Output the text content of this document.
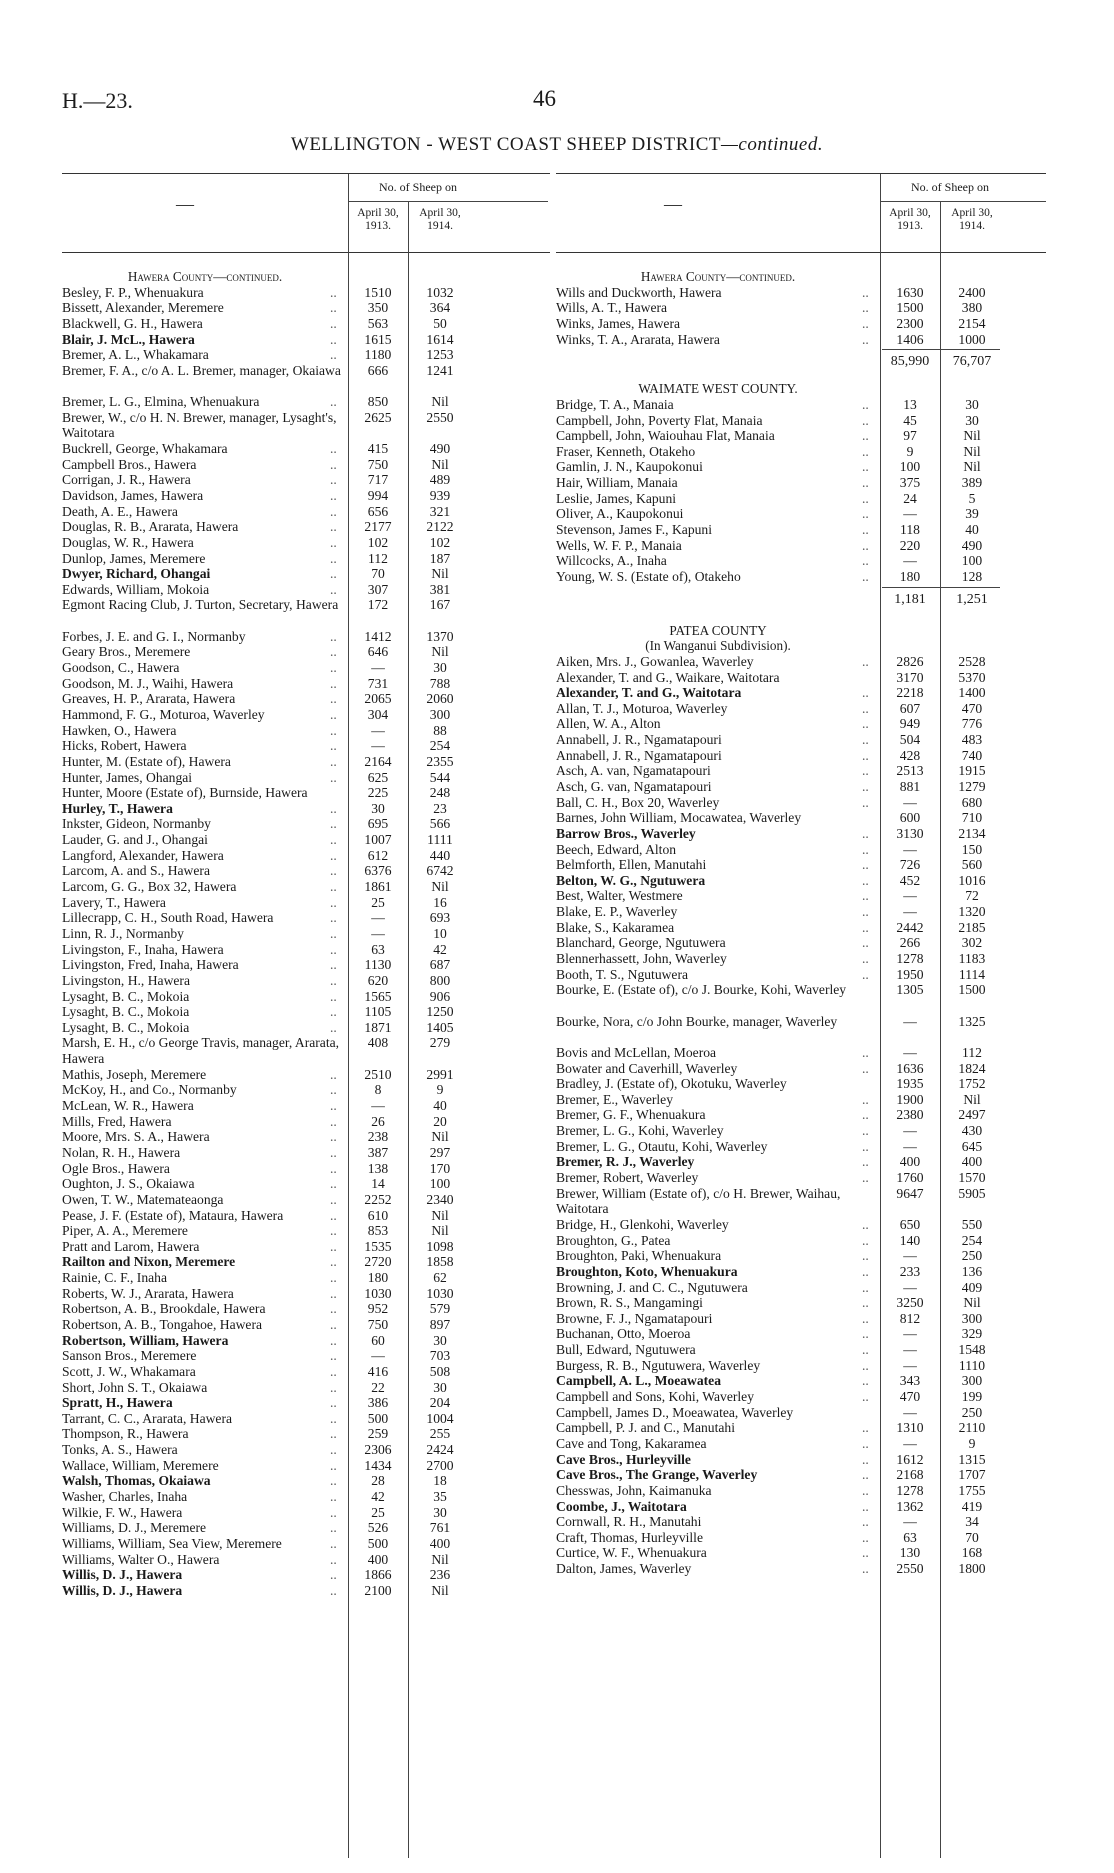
H.—23.	46
WELLINGTON - WEST COAST SHEEP DISTRICT—continued.
—
No. of Sheep on
April 30, 1913.
April 30, 1914.
Hawera County—continued.
Besley, F. P., Whenuakura	..	1510	1032
Bissett, Alexander, Meremere	..	350	364
Blackwell, G. H., Hawera	..	563	50
Blair, J. McL., Hawera	..	1615	1614
Bremer, A. L., Whakamara	..	1180	1253
Bremer, F. A., c/o A. L. Bremer, manager, Okaiawa	666	1241
Bremer, L. G., Elmina, Whenuakura	..	850	Nil
Brewer, W., c/o H. N. Brewer, manager, Lysaght's, Waitotara
2625	2550
Buckrell, George, Whakamara	..	415	490
Campbell Bros., Hawera	..	750	Nil
Corrigan, J. R., Hawera	..	717	489
Davidson, James, Hawera	..	994	939
Death, A. E., Hawera	..	656	321
Douglas, R. B., Ararata, Hawera	..	2177	2122
Douglas, W. R., Hawera	..	102	102
Dunlop, James, Meremere	..	112	187
Dwyer, Richard, Ohangai	..	70	Nil
Edwards, William, Mokoia	..	307	381
Egmont Racing Club, J. Turton, Secretary, Hawera	172	167
Forbes, J. E. and G. I., Normanby	..	1412	1370
Geary Bros., Meremere	..	646	Nil
Goodson, C., Hawera	..	—	30
Goodson, M. J., Waihi, Hawera	..	731	788
Greaves, H. P., Ararata, Hawera	..	2065	2060
Hammond, F. G., Moturoa, Waverley	..	304	300
Hawken, O., Hawera	..	—	88
Hicks, Robert, Hawera	..	—	254
Hunter, M. (Estate of), Hawera	..	2164	2355
Hunter, James, Ohangai	..	625	544
Hunter, Moore (Estate of), Burnside, Hawera	225	248
Hurley, T., Hawera	..	30	23
Inkster, Gideon, Normanby	..	695	566
Lauder, G. and J., Ohangai	..	1007	1111
Langford, Alexander, Hawera	..	612	440
Larcom, A. and S., Hawera	..	6376	6742
Larcom, G. G., Box 32, Hawera	..	1861	Nil
Lavery, T., Hawera	..	25	16
Lillecrapp, C. H., South Road, Hawera	..	—	693
Linn, R. J., Normanby	..	—	10
Livingston, F., Inaha, Hawera	..	63	42
Livingston, Fred, Inaha, Hawera	..	1130	687
Livingston, H., Hawera	..	620	800
Lysaght, B. C., Mokoia	..	1565	906
Lysaght, B. C., Mokoia	..	1105	1250
Lysaght, B. C., Mokoia	..	1871	1405
Marsh, E. H., c/o George Travis, manager, Ararata, Hawera
408	279
Mathis, Joseph, Meremere	..	2510	2991
McKoy, H., and Co., Normanby	..	8	9
McLean, W. R., Hawera	..	—	40
Mills, Fred, Hawera	..	26	20
Moore, Mrs. S. A., Hawera	..	238	Nil
Nolan, R. H., Hawera	..	387	297
Ogle Bros., Hawera	..	138	170
Oughton, J. S., Okaiawa	..	14	100
Owen, T. W., Matemateaonga	..	2252	2340
Pease, J. F. (Estate of), Mataura, Hawera	..	610	Nil
Piper, A. A., Meremere	..	853	Nil
Pratt and Larom, Hawera	..	1535	1098
Railton and Nixon, Meremere	..	2720	1858
Rainie, C. F., Inaha	..	180	62
Roberts, W. J., Ararata, Hawera	..	1030	1030
Robertson, A. B., Brookdale, Hawera	..	952	579
Robertson, A. B., Tongahoe, Hawera	..	750	897
Robertson, William, Hawera	..	60	30
Sanson Bros., Meremere	..	—	703
Scott, J. W., Whakamara	..	416	508
Short, John S. T., Okaiawa	..	22	30
Spratt, H., Hawera	..	386	204
Tarrant, C. C., Ararata, Hawera	..	500	1004
Thompson, R., Hawera	..	259	255
Tonks, A. S., Hawera	..	2306	2424
Wallace, William, Meremere	..	1434	2700
Walsh, Thomas, Okaiawa	..	28	18
Washer, Charles, Inaha	..	42	35
Wilkie, F. W., Hawera	..	25	30
Williams, D. J., Meremere	..	526	761
Williams, William, Sea View, Meremere	..	500	400
Williams, Walter O., Hawera	..	400	Nil
Willis, D. J., Hawera	..	1866	236
Willis, D. J., Hawera	..	2100	Nil
—
No. of Sheep on
April 30, 1913.
April 30, 1914.
Hawera County—continued.
Wills and Duckworth, Hawera	..	1630	2400
Wills, A. T., Hawera	..	1500	380
Winks, James, Hawera	..	2300	2154
Winks, T. A., Ararata, Hawera	..	1406	1000
85,990	76,707
WAIMATE WEST COUNTY.
Bridge, T. A., Manaia	..	13	30
Campbell, John, Poverty Flat, Manaia	..	45	30
Campbell, John, Waiouhau Flat, Manaia	..	97	Nil
Fraser, Kenneth, Otakeho	..	9	Nil
Gamlin, J. N., Kaupokonui	..	100	Nil
Hair, William, Manaia	..	375	389
Leslie, James, Kapuni	..	24	5
Oliver, A., Kaupokonui	..	—	39
Stevenson, James F., Kapuni	..	118	40
Wells, W. F. P., Manaia	..	220	490
Willcocks, A., Inaha	..	—	100
Young, W. S. (Estate of), Otakeho	..	180	128
1,181	1,251
PATEA COUNTY
(In Wanganui Subdivision).
Aiken, Mrs. J., Gowanlea, Waverley	..	2826	2528
Alexander, T. and G., Waikare, Waitotara	3170	5370
Alexander, T. and G., Waitotara	..	2218	1400
Allan, T. J., Moturoa, Waverley	..	607	470
Allen, W. A., Alton	..	949	776
Annabell, J. R., Ngamatapouri	..	504	483
Annabell, J. R., Ngamatapouri	..	428	740
Asch, A. van, Ngamatapouri	..	2513	1915
Asch, G. van, Ngamatapouri	..	881	1279
Ball, C. H., Box 20, Waverley	..	—	680
Barnes, John William, Mocawatea, Waverley	600	710
Barrow Bros., Waverley	..	3130	2134
Beech, Edward, Alton	..	—	150
Belmforth, Ellen, Manutahi	..	726	560
Belton, W. G., Ngutuwera	..	452	1016
Best, Walter, Westmere	..	—	72
Blake, E. P., Waverley	..	—	1320
Blake, S., Kakaramea	..	2442	2185
Blanchard, George, Ngutuwera	..	266	302
Blennerhassett, John, Waverley	..	1278	1183
Booth, T. S., Ngutuwera	..	1950	1114
Bourke, E. (Estate of), c/o J. Bourke, Kohi, Waverley	1305	1500
Bourke, Nora, c/o John Bourke, manager, Waverley	—	1325
Bovis and McLellan, Moeroa	..	—	112
Bowater and Caverhill, Waverley	..	1636	1824
Bradley, J. (Estate of), Okotuku, Waverley	1935	1752
Bremer, E., Waverley	..	1900	Nil
Bremer, G. F., Whenuakura	..	2380	2497
Bremer, L. G., Kohi, Waverley	..	—	430
Bremer, L. G., Otautu, Kohi, Waverley	..	—	645
Bremer, R. J., Waverley	..	400	400
Bremer, Robert, Waverley	..	1760	1570
Brewer, William (Estate of), c/o H. Brewer, Waihau, Waitotara
9647	5905
Bridge, H., Glenkohi, Waverley	..	650	550
Broughton, G., Patea	..	140	254
Broughton, Paki, Whenuakura	..	—	250
Broughton, Koto, Whenuakura	..	233	136
Browning, J. and C. C., Ngutuwera	..	—	409
Brown, R. S., Mangamingi	..	3250	Nil
Browne, F. J., Ngamatapouri	..	812	300
Buchanan, Otto, Moeroa	..	—	329
Bull, Edward, Ngutuwera	..	—	1548
Burgess, R. B., Ngutuwera, Waverley	..	—	1110
Campbell, A. L., Moeawatea	..	343	300
Campbell and Sons, Kohi, Waverley	..	470	199
Campbell, James D., Moeawatea, Waverley	—	250
Campbell, P. J. and C., Manutahi	..	1310	2110
Cave and Tong, Kakaramea	..	—	9
Cave Bros., Hurleyville	..	1612	1315
Cave Bros., The Grange, Waverley	..	2168	1707
Chesswas, John, Kaimanuka	..	1278	1755
Coombe, J., Waitotara	..	1362	419
Cornwall, R. H., Manutahi	..	—	34
Craft, Thomas, Hurleyville	..	63	70
Curtice, W. F., Whenuakura	..	130	168
Dalton, James, Waverley	..	2550	1800
